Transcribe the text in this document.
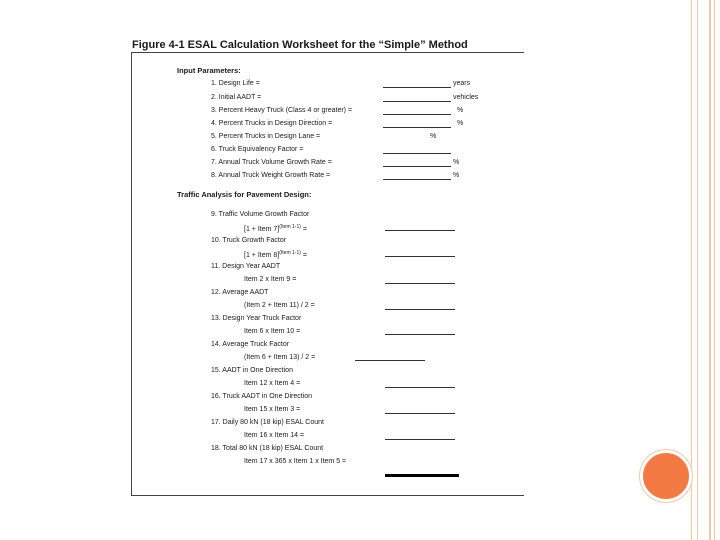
Figure 4-1 ESAL Calculation Worksheet for the “Simple” Method
Input Parameters:
1. Design Life =	years
2. Initial AADT =	vehicles
3. Percent Heavy Truck (Class 4 or greater) =	%
4. Percent Trucks in Design Direction =	%
5. Percent Trucks in Design Lane =	%
6. Truck Equivalency Factor =
7. Annual Truck Volume Growth Rate =	%
8. Annual Truck Weight Growth Rate =	%
Traffic Analysis for Pavement Design:
9. Traffic Volume Growth Factor
[1 + Item 7]$^{(Item 1-1)}$ =
10. Truck Growth Factor
[1 + Item 8]$^{(Item 1-1)}$ =
11. Design Year AADT
Item 2 x Item 9 =
12. Average AADT
(Item 2 + Item 11) / 2 =
13. Design Year Truck Factor
Item 6 x Item 10 =
14. Average Truck Factor
(Item 6 + Item 13) / 2 =
15. AADT in One Direction
Item 12 x Item 4 =
16. Truck AADT in One Direction
Item 15 x Item 3 =
17. Daily 80 kN (18 kip) ESAL Count
Item 16 x Item 14 =
18. Total 80 kN (18 kip) ESAL Count
Item 17 x 365 x Item 1 x Item 5 =
